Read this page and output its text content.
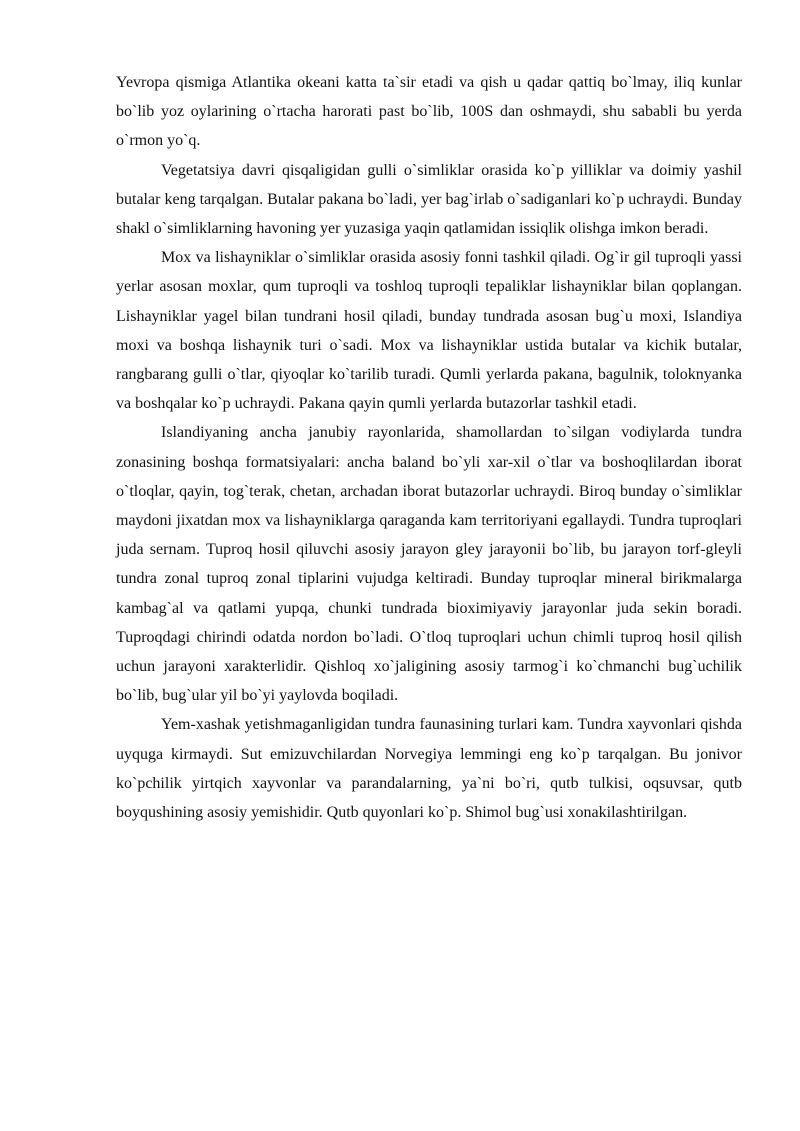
Yevropa qismiga Atlantika okeani katta ta`sir etadi va qish u qadar qattiq bo`lmay, iliq kunlar bo`lib yoz oylarining o`rtacha harorati past bo`lib, 100S dan oshmaydi, shu sababli bu yerda o`rmon yo`q.

Vegetatsiya davri qisqaligidan gulli o`simliklar orasida ko`p yilliklar va doimiy yashil butalar keng tarqalgan. Butalar pakana bo`ladi, yer bag`irlab o`sadiganlari ko`p uchraydi. Bunday shakl o`simliklarning havoning yer yuzasiga yaqin qatlamidan issiqlik olishga imkon beradi.

Mox va lishayniklar o`simliklar orasida asosiy fonni tashkil qiladi. Og`ir gil tuproqli yassi yerlar asosan moxlar, qum tuproqli va toshloq tuproqli tepaliklar lishayniklar bilan qoplangan. Lishayniklar yagel bilan tundrani hosil qiladi, bunday tundrada asosan bug`u moxi, Islandiya moxi va boshqa lishaynik turi o`sadi. Mox va lishayniklar ustida butalar va kichik butalar, rangbarang gulli o`tlar, qiyoqlar ko`tarilib turadi. Qumli yerlarda pakana, bagulnik, toloknyanka va boshqalar ko`p uchraydi. Pakana qayin qumli yerlarda butazorlar tashkil etadi.

Islandiyaning ancha janubiy rayonlarida, shamollardan to`silgan vodiylarda tundra zonasining boshqa formatsiyalari: ancha baland bo`yli xar-xil o`tlar va boshoqlilardan iborat o`tloqlar, qayin, tog`terak, chetan, archadan iborat butazorlar uchraydi. Biroq bunday o`simliklar maydoni jixatdan mox va lishayniklarga qaraganda kam territoriyani egallaydi. Tundra tuproqlari juda sernam. Tuproq hosil qiluvchi asosiy jarayon gley jarayonii bo`lib, bu jarayon torf-gleyli tundra zonal tuproq zonal tiplarini vujudga keltiradi. Bunday tuproqlar mineral birikmalarga kambag`al va qatlami yupqa, chunki tundrada bioximiyaviy jarayonlar juda sekin boradi. Tuproqdagi chirindi odatda nordon bo`ladi. O`tloq tuproqlari uchun chimli tuproq hosil qilish uchun jarayoni xarakterlidir. Qishloq xo`jaligining asosiy tarmog`i ko`chmanchi bug`uchilik bo`lib, bug`ular yil bo`yi yaylovda boqiladi.

Yem-xashak yetishmaganligidan tundra faunasining turlari kam. Tundra xayvonlari qishda uyquga kirmaydi. Sut emizuvchilardan Norvegiya lemmingi eng ko`p tarqalgan. Bu jonivor ko`pchilik yirtqich xayvonlar va parandalarning, ya`ni bo`ri, qutb tulkisi, oqsuvsar, qutb boyqushining asosiy yemishidir. Qutb quyonlari ko`p. Shimol bug`usi xonakilashtirilgan.
